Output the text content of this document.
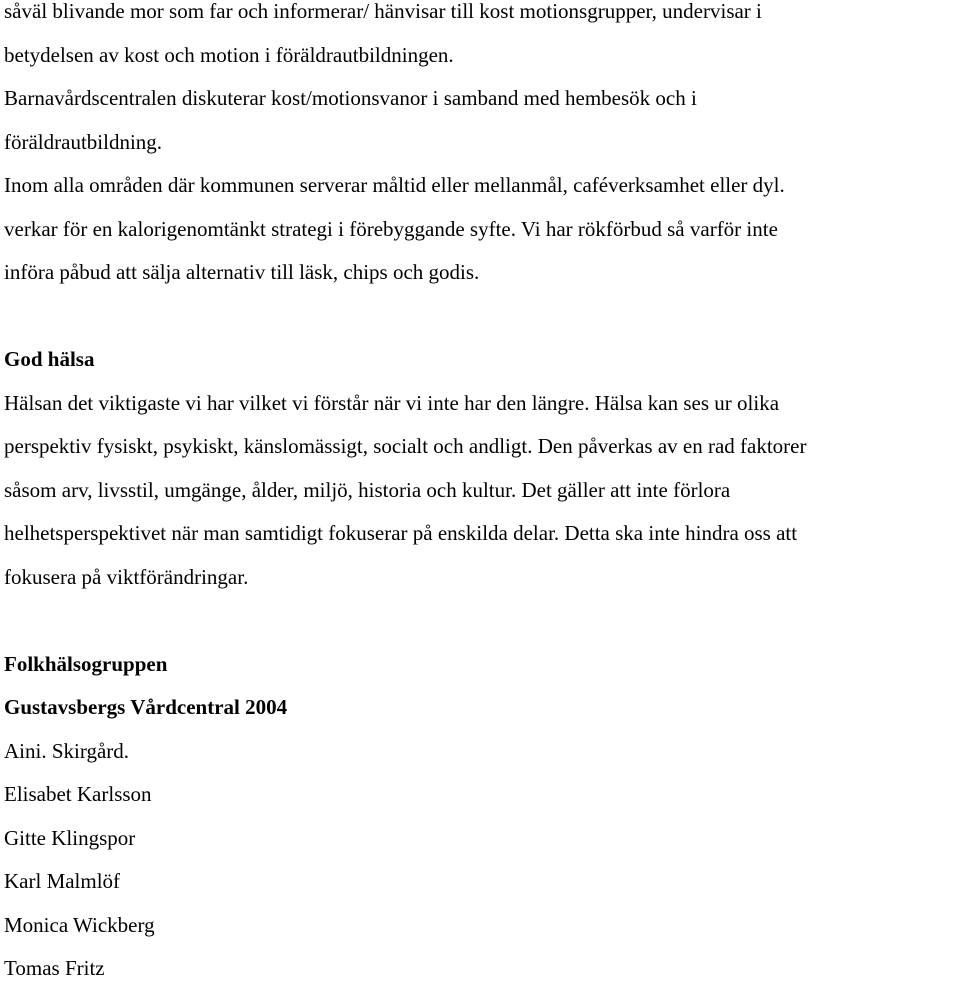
såväl blivande mor som far och informerar/ hänvisar till kost motionsgrupper, undervisar i

betydelsen av kost och motion i föräldrautbildningen.

Barnavårdscentralen diskuterar kost/motionsvanor i samband med hembesök och i

föräldrautbildning.

Inom alla områden där kommunen serverar måltid eller mellanmål, caféverksamhet eller dyl.

verkar för en kalorigenomtänkt strategi i förebyggande syfte. Vi har rökförbud så varför inte

införa påbud att sälja alternativ till läsk, chips och godis.

God hälsa

Hälsan det viktigaste vi har vilket vi förstår när vi inte har den längre. Hälsa kan ses ur olika

perspektiv fysiskt, psykiskt, känslomässigt, socialt och andligt. Den påverkas av en rad faktorer

såsom arv, livsstil, umgänge, ålder, miljö, historia och kultur. Det gäller att inte förlora

helhetsperspektivet när man samtidigt fokuserar på enskilda delar. Detta ska inte hindra oss att

fokusera på viktförändringar.

Folkhälsogruppen

Gustavsbergs Vårdcentral 2004

Aini. Skirgård.

Elisabet Karlsson

Gitte Klingspor

Karl Malmlöf

Monica Wickberg

Tomas Fritz
